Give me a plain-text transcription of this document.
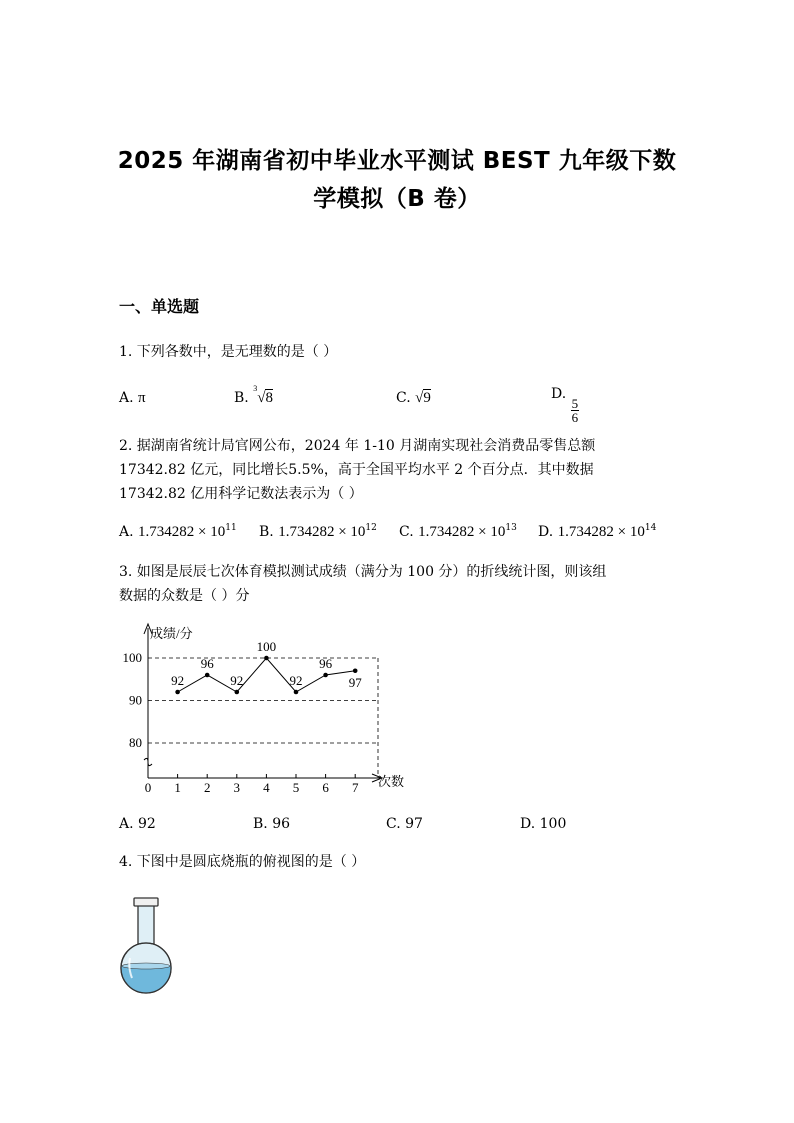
2025 年湖南省初中毕业水平测试 BEST 九年级下数
学模拟（B 卷）
一、单选题
1. 下列各数中，是无理数的是（ ）
A. π	B.
3
√8	C. √9	D.
$\frac{5}{6}$
2. 据湖南省统计局官网公布，2024 年 1-10 月湖南实现社会消费品零售总额
17342.82 亿元，同比增长5.5%，高于全国平均水平 2 个百分点．其中数据
17342.82 亿用科学记数法表示为（ ）
A. $1.734282 \times 10^{11}$ B. $1.734282 \times 10^{12}$ C. $1.734282 \times 10^{13}$ D. $1.734282 \times 10^{14}$
3. 如图是辰辰七次体育模拟测试成绩（满分为 100 分）的折线统计图，则该组
数据的众数是（ ）分
成绩/分
次数
80
90
100
92
96
92
100
92
96
97
0 1 2 3 4 5 6 7
A. 92	B. 96	C. 97	D. 100
4. 下图中是圆底烧瓶的俯视图的是（ ）
